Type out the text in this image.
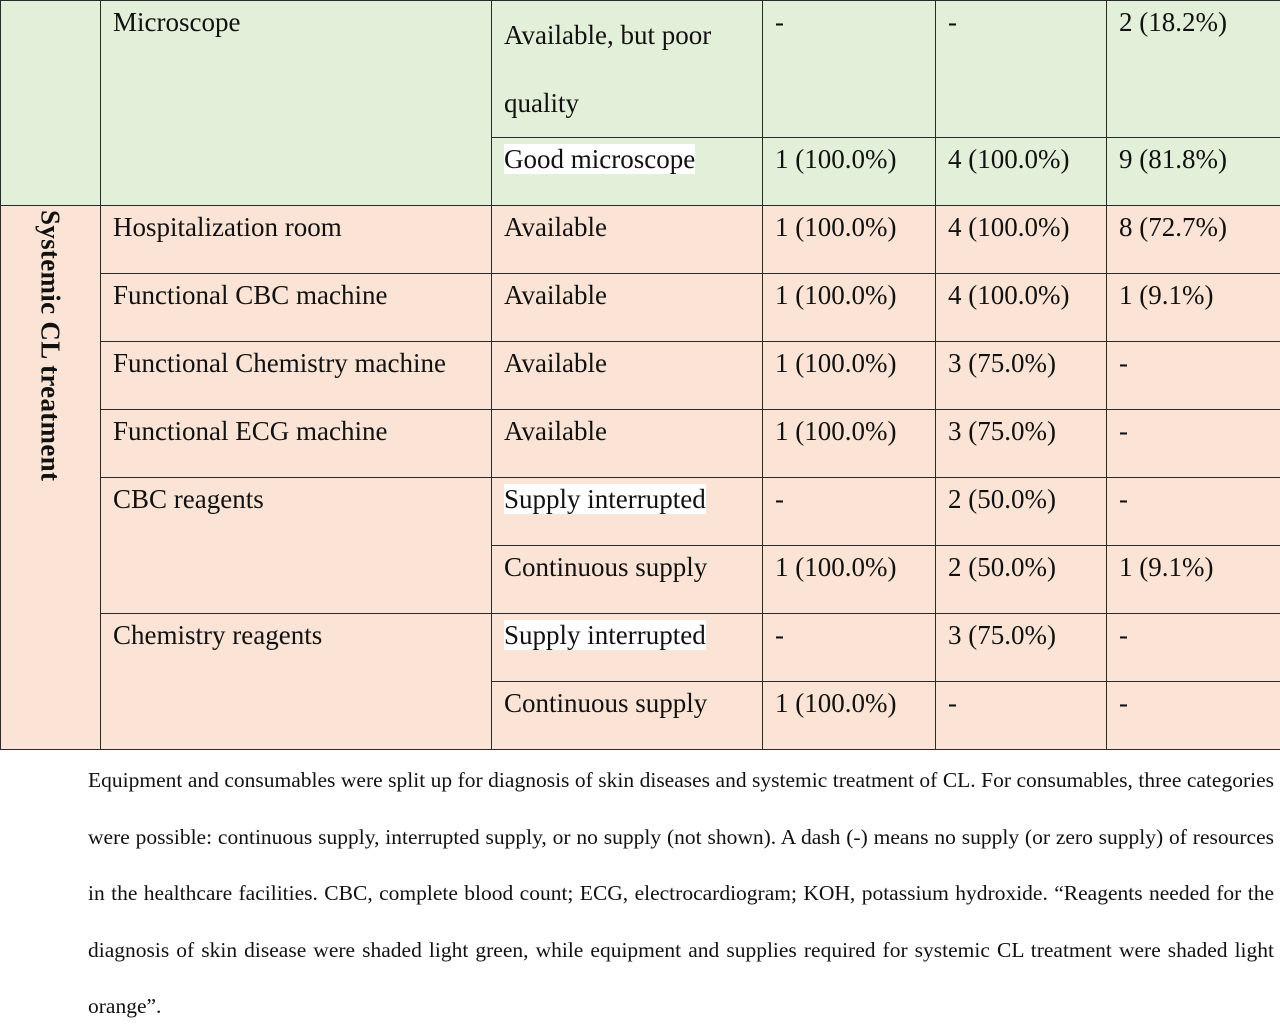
	Microscope	Available, but poor quality	-	-	2 (18.2%)
		Good microscope	1 (100.0%)	4 (100.0%)	9 (81.8%)
Systemic CL treatment	Hospitalization room	Available	1 (100.0%)	4 (100.0%)	8 (72.7%)
	Functional CBC machine	Available	1 (100.0%)	4 (100.0%)	1 (9.1%)
	Functional Chemistry machine	Available	1 (100.0%)	3 (75.0%)	-
	Functional ECG machine	Available	1 (100.0%)	3 (75.0%)	-
	CBC reagents	Supply interrupted	-	2 (50.0%)	-
		Continuous supply	1 (100.0%)	2 (50.0%)	1 (9.1%)
	Chemistry reagents	Supply interrupted	-	3 (75.0%)	-
		Continuous supply	1 (100.0%)	-	-

Equipment and consumables were split up for diagnosis of skin diseases and systemic treatment of CL. For consumables, three categories were possible: continuous supply, interrupted supply, or no supply (not shown). A dash (-) means no supply (or zero supply) of resources in the healthcare facilities. CBC, complete blood count; ECG, electrocardiogram; KOH, potassium hydroxide. “Reagents needed for the diagnosis of skin disease were shaded light green, while equipment and supplies required for systemic CL treatment were shaded light orange”.
